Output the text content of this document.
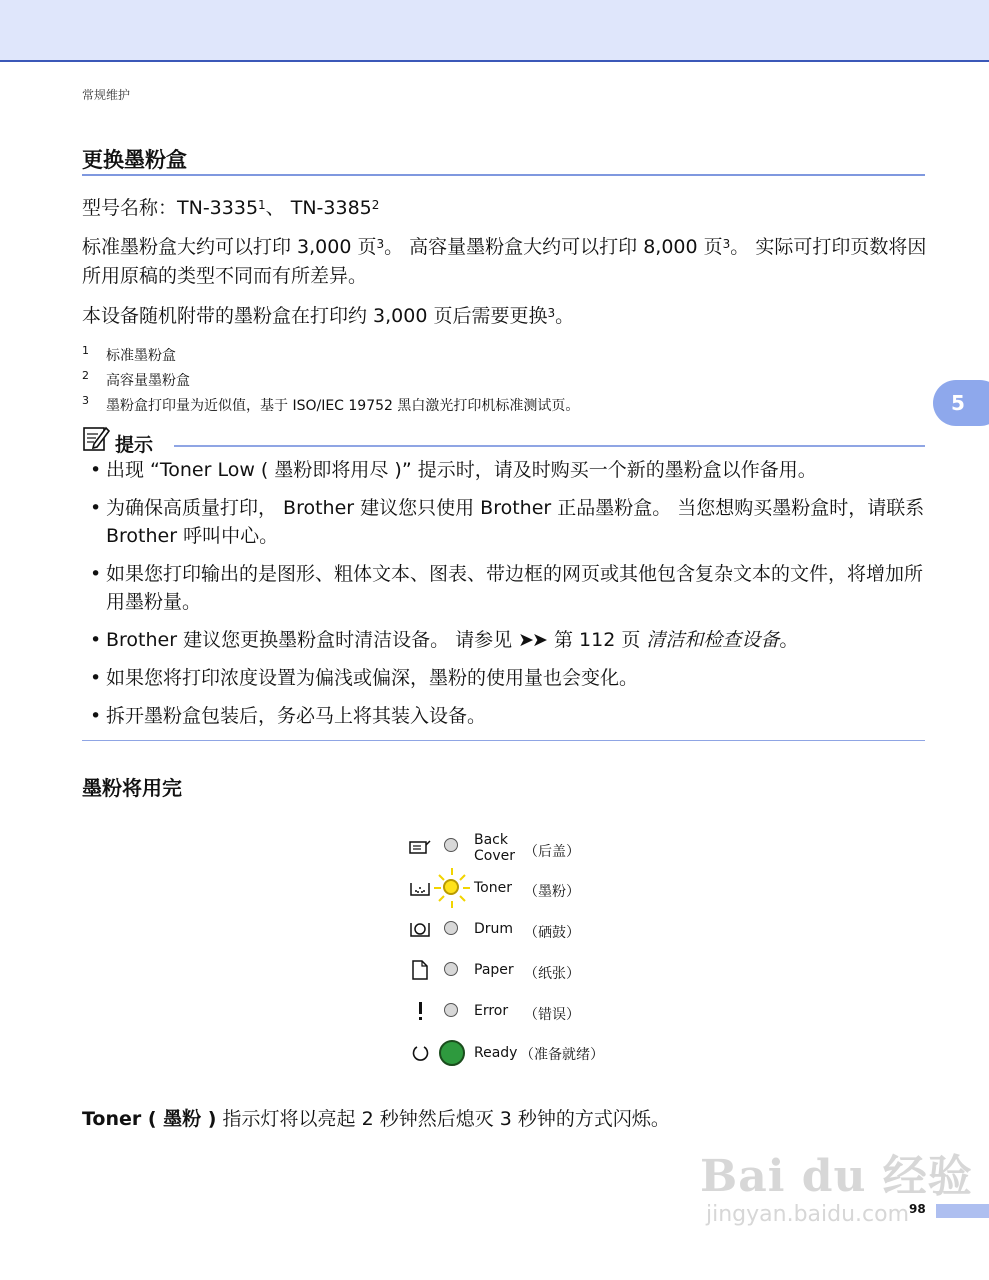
常规维护
更换墨粉盒
5
型号名称：TN-3335$^1$、 TN-3385$^2$
标准墨粉盒大约可以打印 3,000 页$^3$。 高容量墨粉盒大约可以打印 8,000 页$^3$。 实际可打印页数将因所用原稿的类型不同而有所差异。
本设备随机附带的墨粉盒在打印约 3,000 页后需要更换$^3$。
1 标准墨粉盒
2 高容量墨粉盒
3 墨粉盒打印量为近似值，基于 ISO/IEC 19752 黑白激光打印机标准测试页。
提示
• 出现 “Toner Low ( 墨粉即将用尽 )” 提示时，请及时购买一个新的墨粉盒以作备用。
• 为确保高质量打印， Brother 建议您只使用 Brother 正品墨粉盒。 当您想购买墨粉盒时，请联系 Brother 呼叫中心。
• 如果您打印输出的是图形、粗体文本、图表、带边框的网页或其他包含复杂文本的文件，将增加所用墨粉量。
• Brother 建议您更换墨粉盒时清洁设备。 请参见 ➤➤ 第 112 页 清洁和检查设备。
• 如果您将打印浓度设置为偏浅或偏深，墨粉的使用量也会变化。
• 拆开墨粉盒包装后，务必马上将其装入设备。
墨粉将用完
Back
Cover （后盖）
Toner （墨粉）
Drum （硒鼓）
Paper （纸张）
Error （错误）
Ready （准备就绪）
Toner ( 墨粉 ) 指示灯将以亮起 2 秒钟然后熄灭 3 秒钟的方式闪烁。
Bai du 经验
jingyan.baidu.com 98
